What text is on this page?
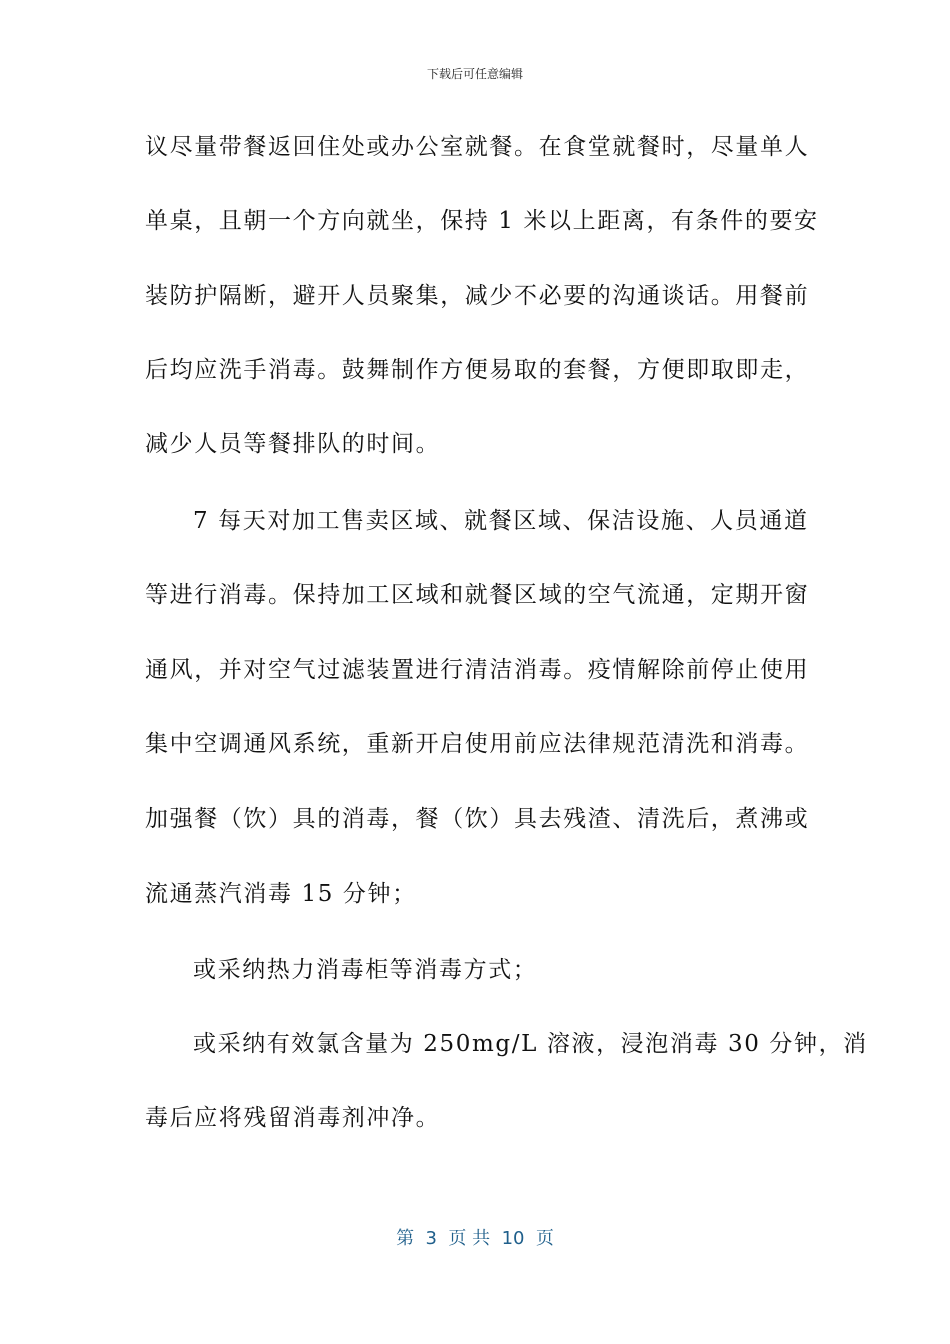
下载后可任意编辑
议尽量带餐返回住处或办公室就餐。在食堂就餐时，尽量单人
单桌，且朝一个方向就坐，保持 1 米以上距离，有条件的要安
装防护隔断，避开人员聚集，减少不必要的沟通谈话。用餐前
后均应洗手消毒。鼓舞制作方便易取的套餐，方便即取即走，
减少人员等餐排队的时间。
7 每天对加工售卖区域、就餐区域、保洁设施、人员通道
等进行消毒。保持加工区域和就餐区域的空气流通，定期开窗
通风，并对空气过滤装置进行清洁消毒。疫情解除前停止使用
集中空调通风系统，重新开启使用前应法律规范清洗和消毒。
加强餐（饮）具的消毒，餐（饮）具去残渣、清洗后，煮沸或
流通蒸汽消毒 15 分钟；
或采纳热力消毒柜等消毒方式；
或采纳有效氯含量为 250mg/L 溶液，浸泡消毒 30 分钟，消
毒后应将残留消毒剂冲净。
第  3  页 共  10  页
